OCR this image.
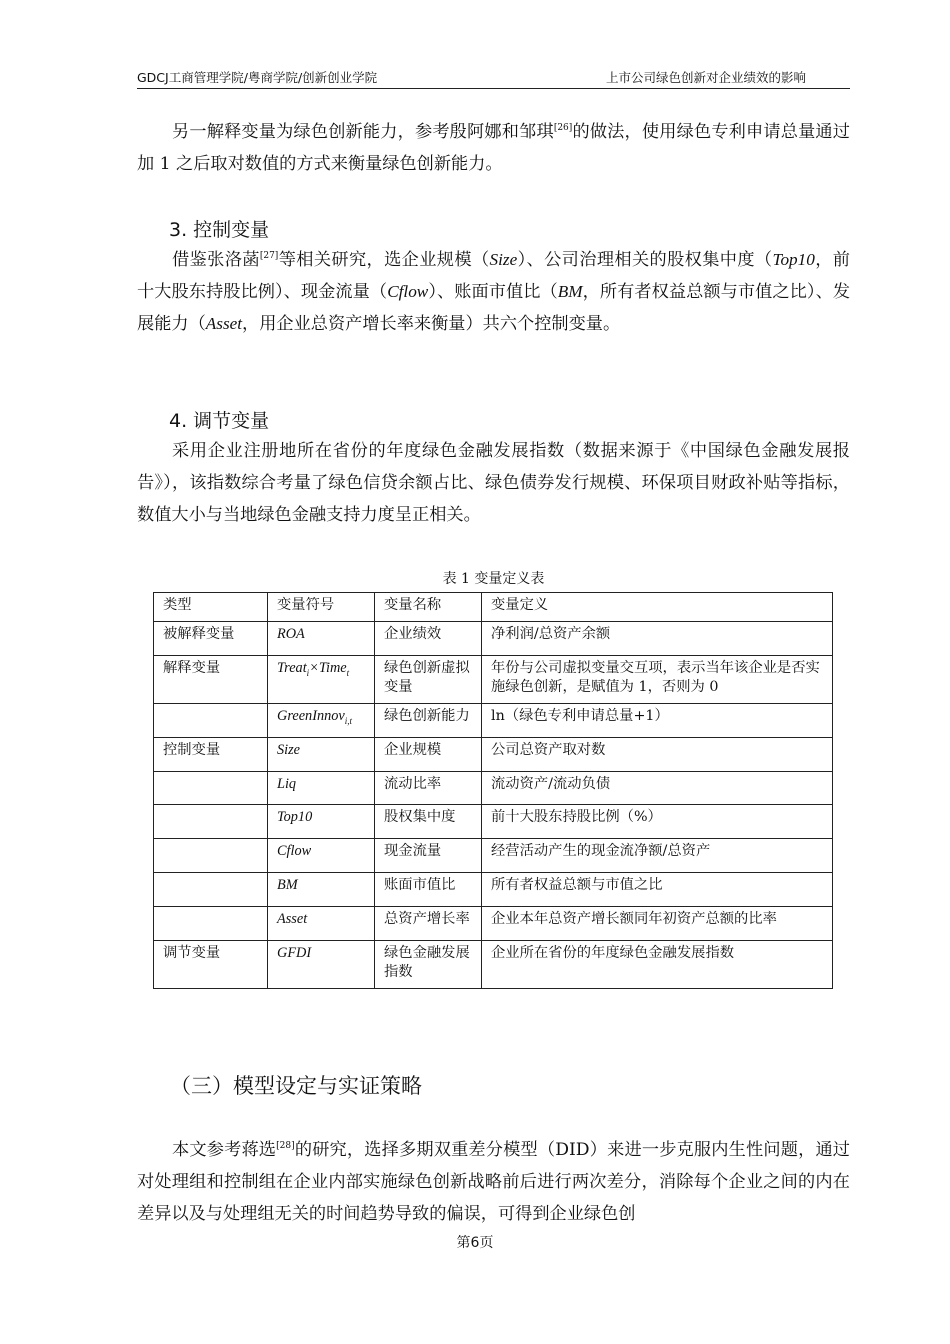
GDCJ工商管理学院/粤商学院/创新创业学院	上市公司绿色创新对企业绩效的影响

另一解释变量为绿色创新能力，参考殷阿娜和邹琪[26]的做法，使用绿色专利申请总量通过加 1 之后取对数值的方式来衡量绿色创新能力。

3. 控制变量

借鉴张洛菡[27]等相关研究，选企业规模（Size）、公司治理相关的股权集中度（Top10，前十大股东持股比例）、现金流量（Cflow）、账面市值比（BM，所有者权益总额与市值之比）、发展能力（Asset，用企业总资产增长率来衡量）共六个控制变量。

4. 调节变量

采用企业注册地所在省份的年度绿色金融发展指数（数据来源于《中国绿色金融发展报告》），该指数综合考量了绿色信贷余额占比、绿色债券发行规模、环保项目财政补贴等指标，数值大小与当地绿色金融支持力度呈正相关。

表 1 变量定义表

类型	变量符号	变量名称	变量定义
被解释变量	ROA	企业绩效	净利润/总资产余额
解释变量	Treat$_i$×Time$_t$	绿色创新虚拟变量	年份与公司虚拟变量交互项，表示当年该企业是否实施绿色创新，是赋值为 1，否则为 0
	GreenInnov$_{i,t}$	绿色创新能力	ln（绿色专利申请总量+1）
控制变量	Size	企业规模	公司总资产取对数
	Liq	流动比率	流动资产/流动负债
	Top10	股权集中度	前十大股东持股比例（%）
	Cflow	现金流量	经营活动产生的现金流净额/总资产
	BM	账面市值比	所有者权益总额与市值之比
	Asset	总资产增长率	企业本年总资产增长额同年初资产总额的比率
调节变量	GFDI	绿色金融发展指数	企业所在省份的年度绿色金融发展指数
（三）模型设定与实证策略

本文参考蒋选[28]的研究，选择多期双重差分模型（DID）来进一步克服内生性问题，通过对处理组和控制组在企业内部实施绿色创新战略前后进行两次差分，消除每个企业之间的内在差异以及与处理组无关的时间趋势导致的偏误，可得到企业绿色创

第6页
